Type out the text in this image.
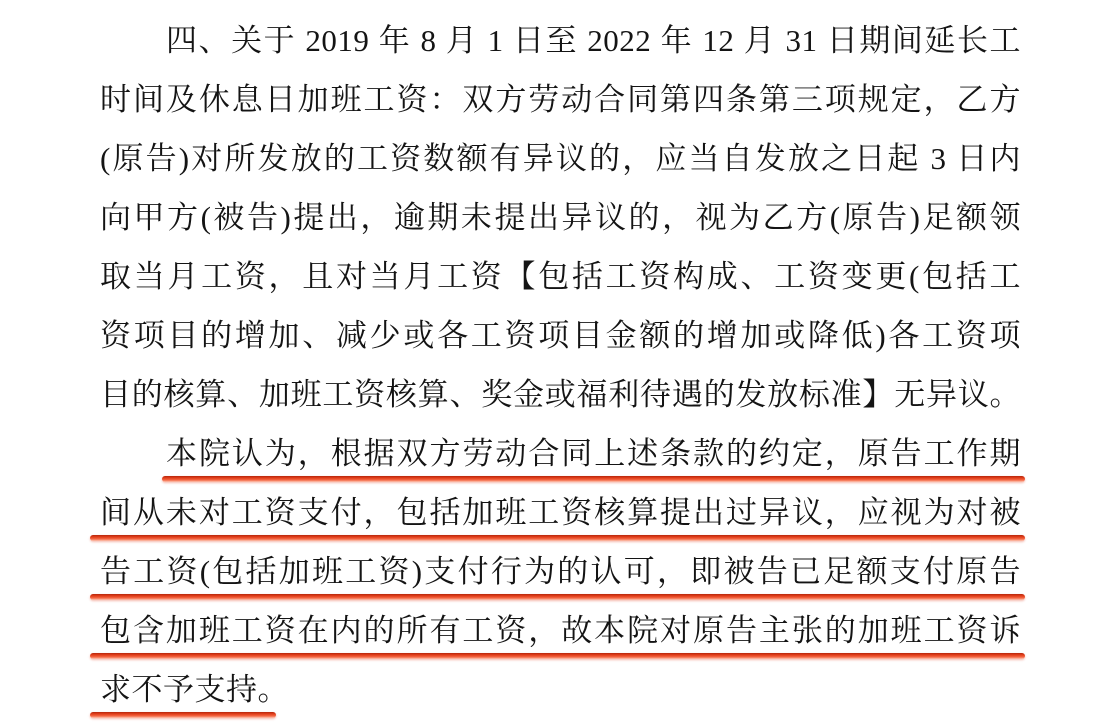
四、关于 2019 年 8 月 1 日至 2022 年 12 月 31 日期间延长工
时间及休息日加班工资：双方劳动合同第四条第三项规定，乙方
(原告)对所发放的工资数额有异议的，应当自发放之日起 3 日内
向甲方(被告)提出，逾期未提出异议的，视为乙方(原告)足额领
取当月工资，且对当月工资【包括工资构成、工资变更(包括工
资项目的增加、减少或各工资项目金额的增加或降低)各工资项
目的核算、加班工资核算、奖金或福利待遇的发放标准】无异议。
本院认为，根据双方劳动合同上述条款的约定，原告工作期
间从未对工资支付，包括加班工资核算提出过异议，应视为对被
告工资(包括加班工资)支付行为的认可，即被告已足额支付原告
包含加班工资在内的所有工资，故本院对原告主张的加班工资诉
求不予支持。
